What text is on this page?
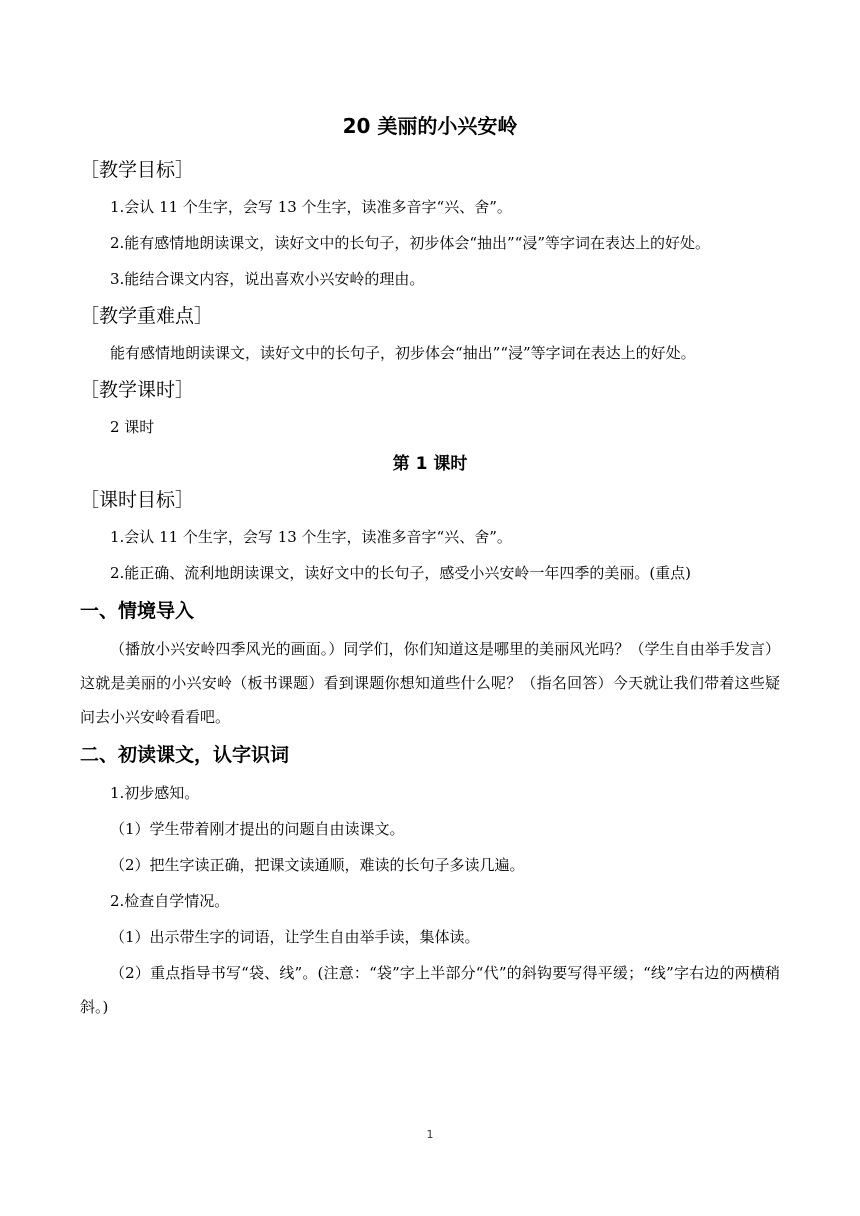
20 美丽的小兴安岭
［教学目标］

1.会认 11 个生字，会写 13 个生字，读准多音字“兴、舍”。

2.能有感情地朗读课文，读好文中的长句子，初步体会“抽出”“浸”等字词在表达上的好处。

3.能结合课文内容，说出喜欢小兴安岭的理由。

［教学重难点］

能有感情地朗读课文，读好文中的长句子，初步体会“抽出”“浸”等字词在表达上的好处。

［教学课时］

2 课时

第 1 课时
［课时目标］

1.会认 11 个生字，会写 13 个生字，读准多音字“兴、舍”。

2.能正确、流利地朗读课文，读好文中的长句子，感受小兴安岭一年四季的美丽。(重点)

一、情境导入

（播放小兴安岭四季风光的画面。）同学们，你们知道这是哪里的美丽风光吗？（学生自由举手发言）这就是美丽的小兴安岭（板书课题）看到课题你想知道些什么呢？（指名回答）今天就让我们带着这些疑问去小兴安岭看看吧。

二、初读课文，认字识词

1.初步感知。

（1）学生带着刚才提出的问题自由读课文。

（2）把生字读正确，把课文读通顺，难读的长句子多读几遍。

2.检查自学情况。

（1）出示带生字的词语，让学生自由举手读，集体读。

（2）重点指导书写“袋、线”。(注意：“袋”字上半部分“代”的斜钩要写得平缓；“线”字右边的两横稍斜。)

1
